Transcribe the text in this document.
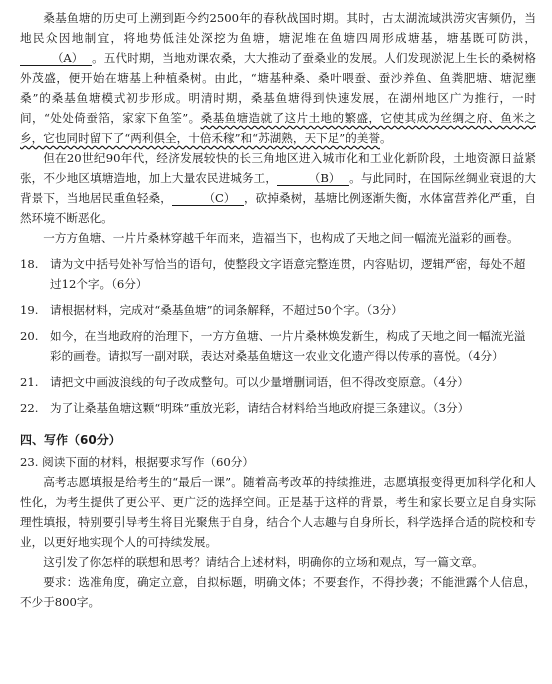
桑基鱼塘的历史可上溯到距今约2500年的春秋战国时期。其时，古太湖流域洪涝灾害频仍，当地民众因地制宜，将地势低洼处深挖为鱼塘，塘泥堆在鱼塘四周形成塘基，塘基既可防洪，（A） 。五代时期，当地劝课农桑，大大推动了蚕桑业的发展。人们发现淤泥上生长的桑树格外茂盛，便开始在塘基上种植桑树。由此，“塘基种桑、桑叶喂蚕、蚕沙养鱼、鱼粪肥塘、塘泥壅桑”的桑基鱼塘模式初步形成。明清时期，桑基鱼塘得到快速发展，在湖州地区广为推行，一时间，“处处倚蚕箔，家家下鱼筌”。桑基鱼塘造就了这片土地的繁盛，它使其成为丝绸之府、鱼米之乡，它也同时留下了“两利俱全，十倍禾稼”和“苏湖熟，天下足”的美誉。

但在20世纪90年代，经济发展较快的长三角地区进入城市化和工业化新阶段，土地资源日益紧张，不少地区填塘造地，加上大量农民进城务工，	（B） 。与此同时，在国际丝绸业衰退的大背景下，当地居民重鱼轻桑，	（C） ，砍掉桑树，基塘比例逐渐失衡，水体富营养化严重，自然环境不断恶化。

一方方鱼塘、一片片桑林穿越千年而来，造福当下，也构成了天地之间一幅流光溢彩的画卷。

18. 请为文中括号处补写恰当的语句，使整段文字语意完整连贯，内容贴切，逻辑严密，每处不超过12个字。（6分）
19. 请根据材料，完成对“桑基鱼塘”的词条解释，不超过50个字。（3分）
20. 如今，在当地政府的治理下，一方方鱼塘、一片片桑林焕发新生，构成了天地之间一幅流光溢彩的画卷。请拟写一副对联，表达对桑基鱼塘这一农业文化遗产得以传承的喜悦。（4分）
21. 请把文中画波浪线的句子改成整句。可以少量增删词语，但不得改变原意。（4分）
22. 为了让桑基鱼塘这颗“明珠”重放光彩，请结合材料给当地政府提三条建议。（3分）
四、写作（60分）

23. 阅读下面的材料，根据要求写作（60分）

高考志愿填报是给考生的“最后一课”。随着高考改革的持续推进，志愿填报变得更加科学化和人性化，为考生提供了更公平、更广泛的选择空间。正是基于这样的背景，考生和家长要立足自身实际理性填报，特别要引导考生将目光聚焦于自身，结合个人志趣与自身所长，科学选择合适的院校和专业，以更好地实现个人的可持续发展。

这引发了你怎样的联想和思考？请结合上述材料，明确你的立场和观点，写一篇文章。

要求：选准角度，确定立意，自拟标题，明确文体；不要套作，不得抄袭；不能泄露个人信息，不少于800字。
